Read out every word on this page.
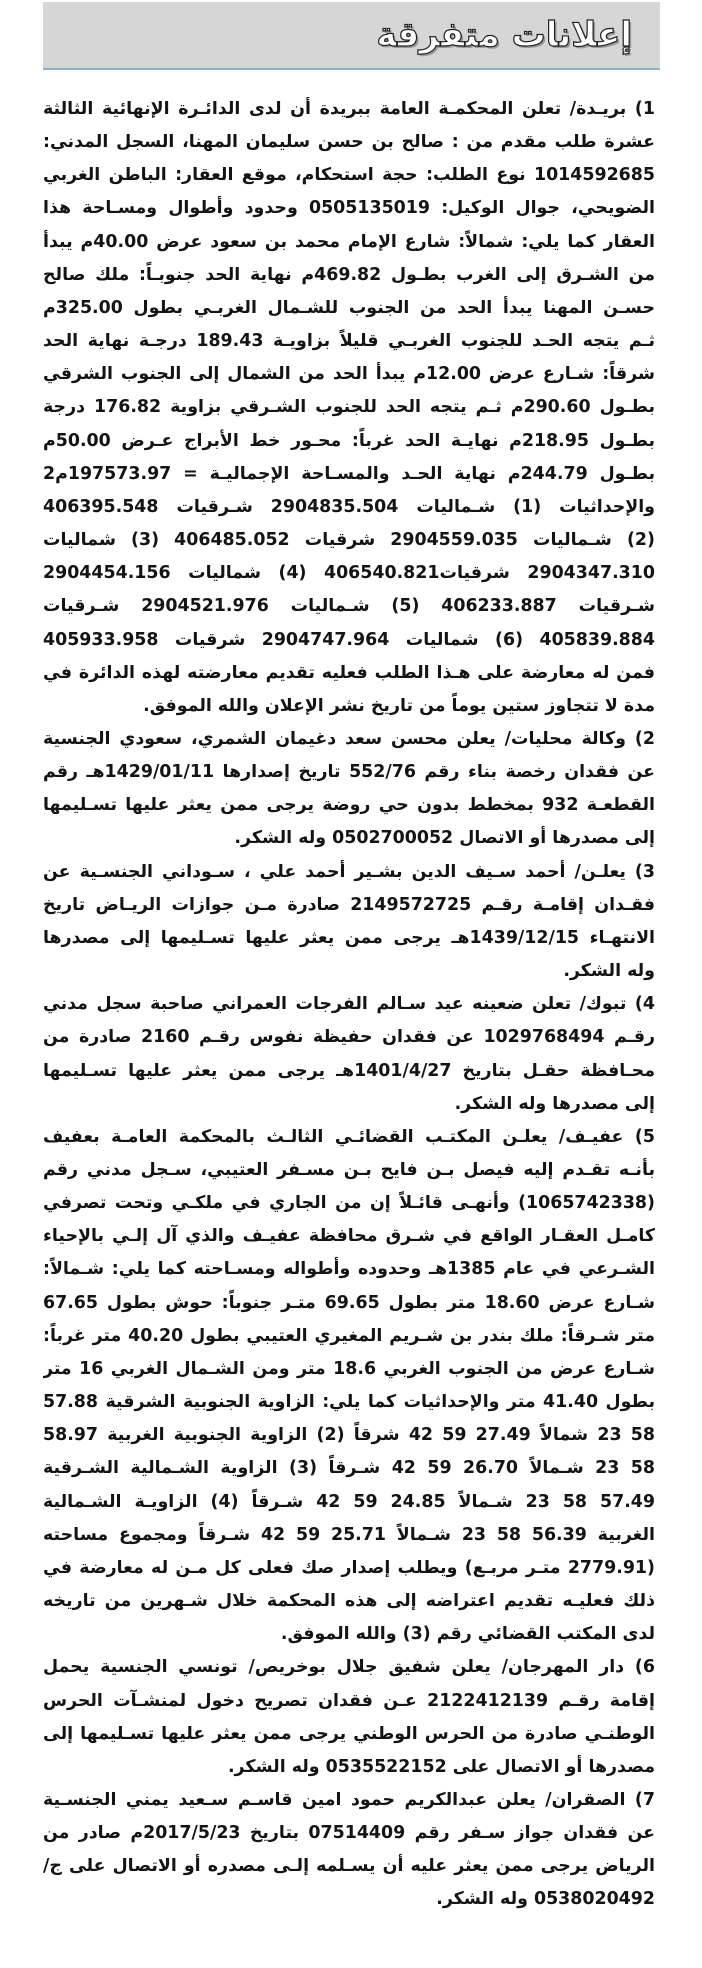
إعلانات متفرقة
1) بريـدة/ تعلن المحكمـة العامة ببريدة أن لدى الدائـرة الإنهائية الثالثة
عشرة طلب مقدم من : صالح بن حسن سليمان المهنا، السجل المدني:
1014592685 نوع الطلب: حجة استحكام، موقع العقار: الباطن الغربي
الضويحي، جوال الوكيل: 0505135019 وحدود وأطوال ومسـاحة هذا
العقار كما يلي: شمالاً: شارع الإمام محمد بن سعود عرض 40.00م يبدأ
من الشـرق إلى الغرب بطـول 469.82م نهاية الحد جنوبـاً: ملك صالح
حسـن المهنا يبدأ الحد من الجنوب للشـمال الغربـي بطول 325.00م
ثـم يتجه الحـد للجنوب الغربـي قليلاً بزاويـة 189.43 درجـة نهاية الحد
شرقاً: شـارع عرض 12.00م يبدأ الحد من الشمال إلى الجنوب الشرقي
بطـول 290.60م ثـم يتجه الحد للجنوب الشـرقي بزاوية 176.82 درجة
بطـول 218.95م نهايـة الحد غرباً: محـور خط الأبراج عـرض 50.00م
بطـول 244.79م نهاية الحـد والمسـاحة الإجماليـة = 197573.97م2
والإحداثيات (1) شـماليات 2904835.504 شـرقيات 406395.548
(2) شـماليات 2904559.035 شرقيات 406485.052 (3) شماليات
2904347.310 شرقيات406540.821 (4) شماليات 2904454.156
شـرقيات 406233.887 (5) شـماليات 2904521.976 شـرقيات
405839.884 (6) شماليات 2904747.964 شرقيات 405933.958
فمن له معارضة على هـذا الطلب فعليه تقديم معارضته لهذه الدائرة في
مدة لا تتجاوز ستين يوماً من تاريخ نشر الإعلان والله الموفق.
2) وكالة محليات/ يعلن محسن سعد دغيمان الشمري، سعودي الجنسية
عن فقدان رخصة بناء رقم 552/76 تاريخ إصدارها 1429/01/11هـ رقم
القطعـة 932 بمخطط بدون حي روضة يرجى ممن يعثر عليها تسـليمها
إلى مصدرها أو الاتصال 0502700052 وله الشكر.
3) يعلـن/ أحمد سـيف الدين بشـير أحمد علي ، سـوداني الجنسـية عن
فقـدان إقامـة رقـم 2149572725 صادرة مـن جوازات الريـاض تاريخ
الانتهـاء 1439/12/15هـ يرجى ممن يعثر عليها تسـليمها إلى مصدرها
وله الشكر.
4) تبوك/ تعلن ضعينه عيد سـالم الفرجات العمراني صاحبة سجل مدني
رقـم 1029768494 عن فقدان حفيظة نفوس رقـم 2160 صادرة من
محـافظة حقـل بتاريخ 1401/4/27هـ يرجى ممن يعثر عليها تسـليمها
إلى مصدرها وله الشكر.
5) عفيـف/ يعلـن المكتـب القضائـي الثالـث بالمحكمة العامـة بعفيف
بأنـه تقـدم إليه فيصل بـن فايح بـن مسـفر العتيبي، سـجل مدني رقم
(1065742338) وأنهـى قائـلاً إن من الجاري في ملكـي وتحت تصرفي
كامـل العقـار الواقع في شـرق محافظة عفيـف والذي آل إلـي بالإحياء
الشـرعي في عام 1385هـ وحدوده وأطواله ومسـاحته كما يلي: شـمالاً:
شـارع عرض 18.60 متر بطول 69.65 متـر جنوباً: حوش بطول 67.65
متر شـرقاً: ملك بندر بن شـريم المغيري العتيبي بطول 40.20 متر غرباً:
شـارع عرض من الجنوب الغربي 18.6 متر ومن الشـمال الغربي 16 متر
بطول 41.40 متر والإحداثيات كما يلي: الزاوية الجنوبية الشرقية 57.88
58 23 شمالاً 27.49 59 42 شرقاً (2) الزاوية الجنوبية الغربية 58.97
58 23 شـمالاً 26.70 59 42 شـرقاً (3) الزاوية الشـمالية الشـرقية
57.49 58 23 شـمالاً 24.85 59 42 شـرقاً (4) الزاويـة الشـمالية
الغربية 56.39 58 23 شـمالاً 25.71 59 42 شـرقاً ومجموع مساحته
(2779.91 متـر مربـع) ويطلب إصدار صك فعلى كل مـن له معارضة في
ذلك فعليـه تقديم اعتراضه إلى هذه المحكمة خلال شـهرين من تاريخه
لدى المكتب القضائي رقم (3) والله الموفق.
6) دار المهرجان/ يعلن شفيق جلال بوخريص/ تونسي الجنسية يحمل
إقامة رقـم 2122412139 عـن فقدان تصريح دخول لمنشـآت الحرس
الوطنـي صادرة من الحرس الوطني يرجى ممن يعثر عليها تسـليمها إلى
مصدرها أو الاتصال على 0535522152 وله الشكر.
7) الصقران/ يعلن عبدالكريم حمود امين قاسـم سـعيد يمني الجنسـية
عن فقدان جواز سـفر رقم 07514409 بتاريخ 2017/5/23م صادر من
الرياض يرجى ممن يعثر عليه أن يسـلمه إلـى مصدره أو الاتصال على ج/
0538020492 وله الشكر.
